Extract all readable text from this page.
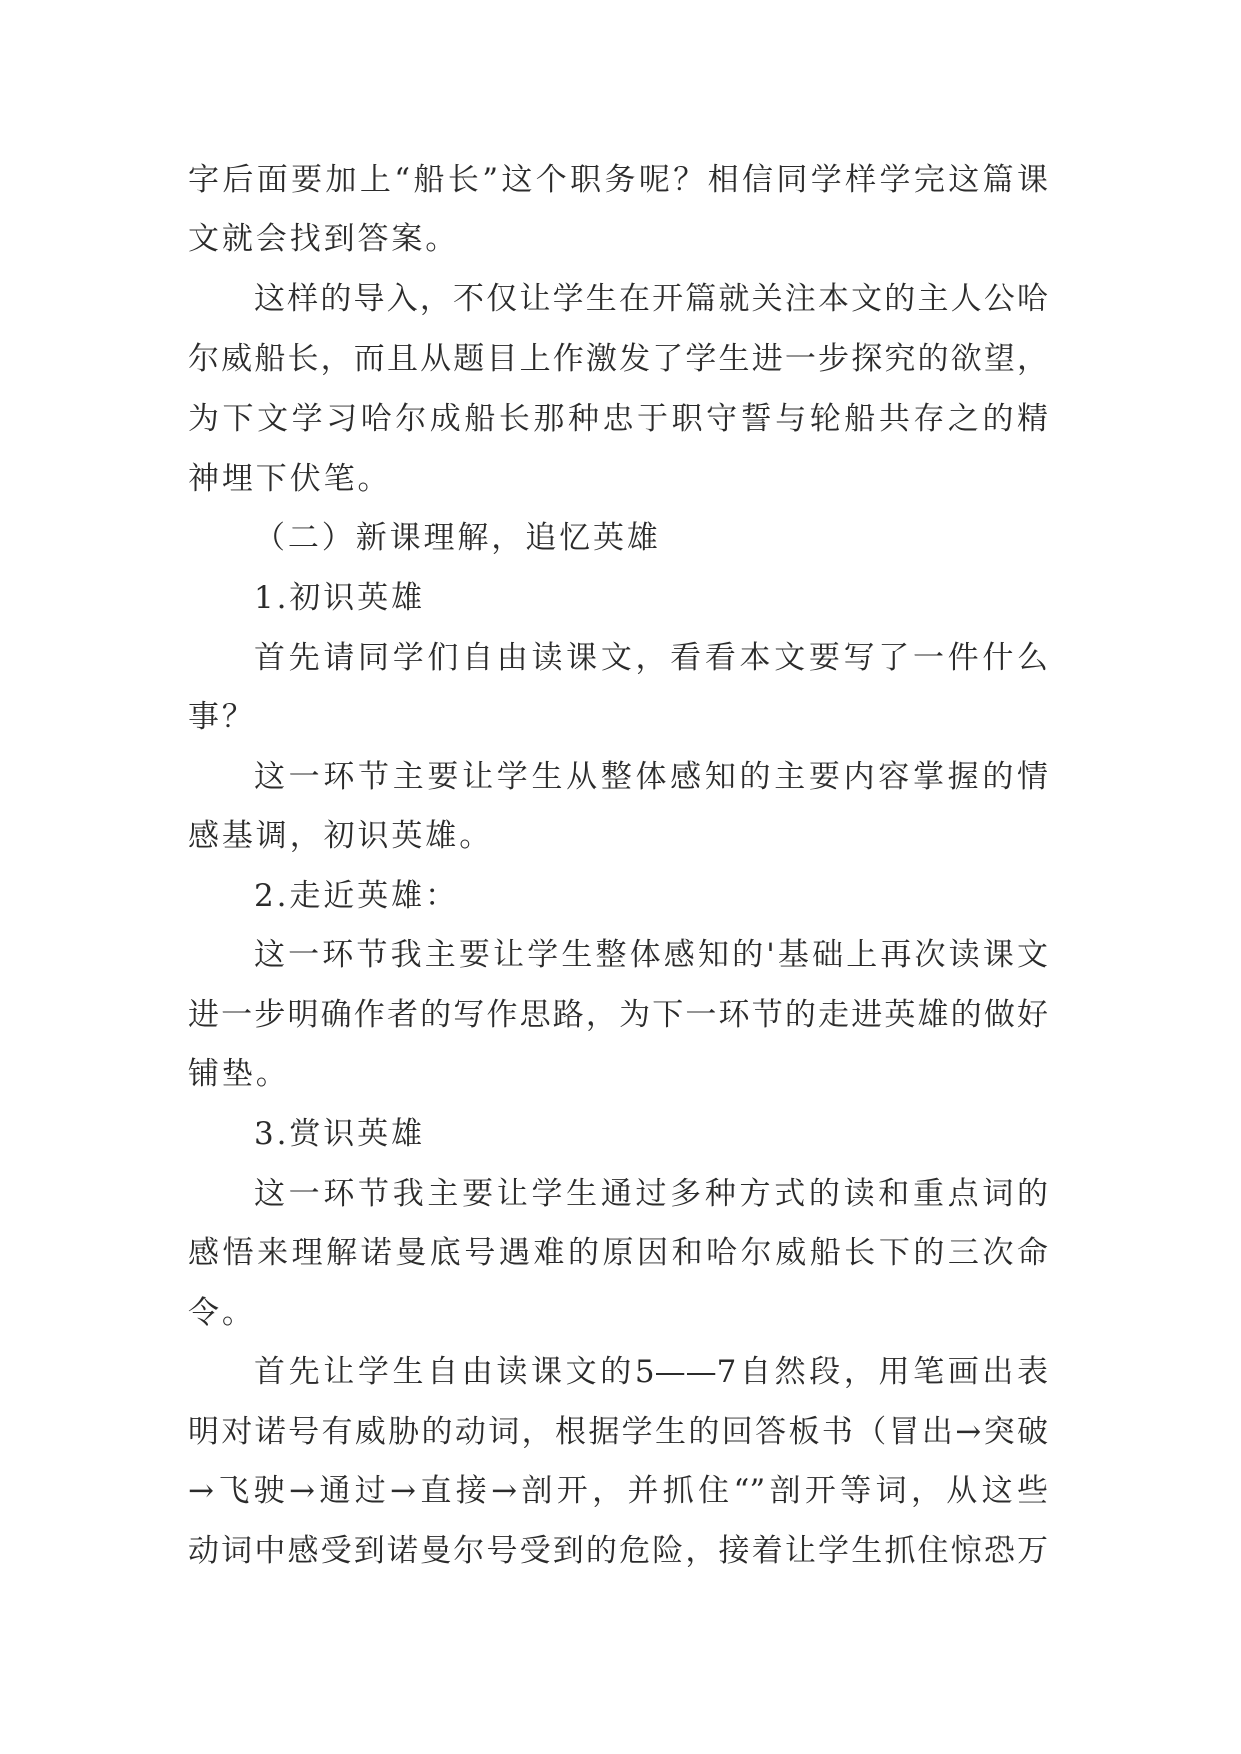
字后面要加上“船长”这个职务呢？相信同学样学完这篇课
文就会找到答案。
这样的导入，不仅让学生在开篇就关注本文的主人公哈
尔威船长，而且从题目上作激发了学生进一步探究的欲望，
为下文学习哈尔成船长那种忠于职守誓与轮船共存之的精
神埋下伏笔。
（二）新课理解，追忆英雄
1.初识英雄
首先请同学们自由读课文，看看本文要写了一件什么
事？
这一环节主要让学生从整体感知的主要内容掌握的情
感基调，初识英雄。
2.走近英雄：
这一环节我主要让学生整体感知的'基础上再次读课文
进一步明确作者的写作思路，为下一环节的走进英雄的做好
铺垫。
3.赏识英雄
这一环节我主要让学生通过多种方式的读和重点词的
感悟来理解诺曼底号遇难的原因和哈尔威船长下的三次命
令。
首先让学生自由读课文的5——7自然段，用笔画出表
明对诺号有威胁的动词，根据学生的回答板书（冒出→突破
→飞驶→通过→直接→剖开，并抓住“”剖开等词，从这些
动词中感受到诺曼尔号受到的危险，接着让学生抓住惊恐万
